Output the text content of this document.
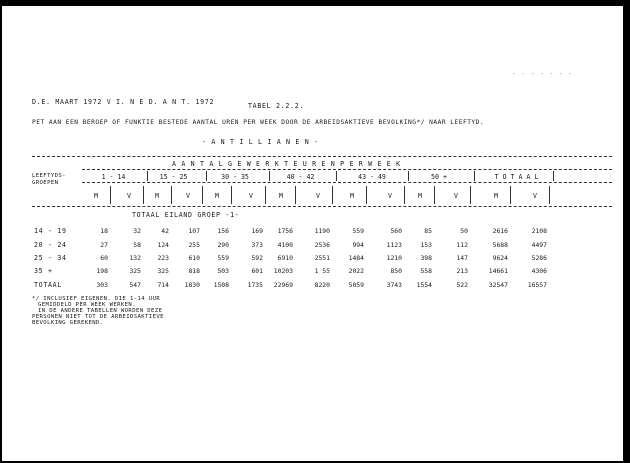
- - - - - - -
D.E. MAART 1972 V I. N E D. A N T. 1972	TABEL 2.2.2.
PET AAN EEN BEROEP OF FUNKTIE BESTEDE AANTAL UREN PER WEEK DOOR DE ARBEIDSAKTIEVE BEVOLKING*/ NAAR LEEFTYD.
- A N T I L L I A N E N -
A A N T A L G E W E R K T E U R E N P E R W E E K
LEEFTYDS-
GROEPEN
1 - 14	15 - 25	30 - 35	40 - 42	43 - 49	50 +	T O T A A L
M	V	M	V	M	V	M	V	M	V	M	V	M	V
TOTAAL EILAND GROEP -1-
14 - 19	18	32	42	107	156	169	1756	1190	559	560	85	50	2616	2108
20 - 24	27	58	124	255	290	373	4100	2536	994	1123	153	112	5688	4497
25 - 34	60	132	223	610	559	592	6910	2551	1484	1210	398	147	9624	5286
35 +	198	325	325	818	503	601	10203	1 55	2022	850	558	213	14661	4306
TOTAAL	303	547	714	1830	1508	1735	22969	8220	5059	3743	1554	522	32547	16557
*/ INCLUSIEF EIGENEN. DIE 1-14 UUR
GEMIDDELD PER WEEK WERKEN.
IN DE ANDERE TABELLEN WORDEN DEZE
PERSONEN NIET TOT DE ARBEIDSAKTIEVE
BEVOLKING GEREKEND.
